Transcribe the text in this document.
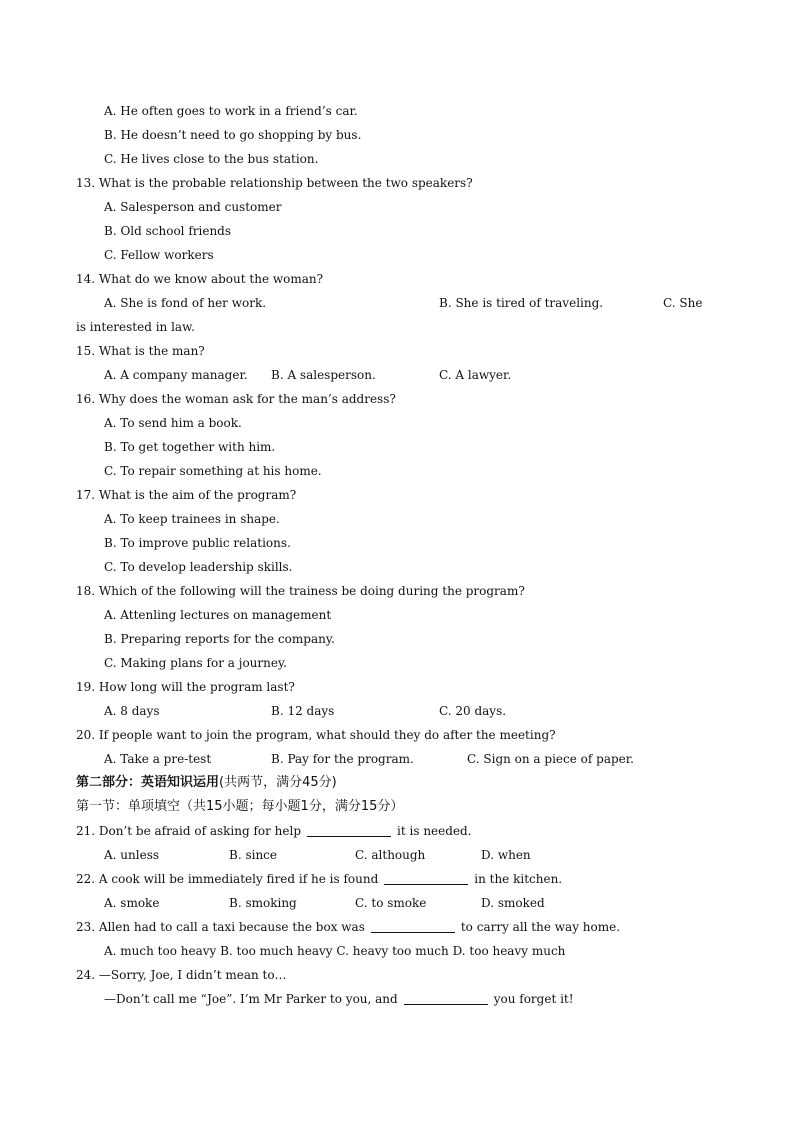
A. He often goes to work in a friend’s car.
B. He doesn’t need to go shopping by bus.
C. He lives close to the bus station.
13. What is the probable relationship between the two speakers?
A. Salesperson and customer
B. Old school friends
C. Fellow workers
14. What do we know about the woman?

A. She is fond of her work.

	B. She is tired of traveling.

	C. She

is interested in law.
15. What is the man?

A. A company manager.

B. A salesperson.

	C. A lawyer.

16. Why does the woman ask for the man’s address?
A. To send him a book.
B. To get together with him.
C. To repair something at his home.
17. What is the aim of the program?
A. To keep trainees in shape.
B. To improve public relations.
C. To develop leadership skills.
18. Which of the following will the trainess be doing during the program?
A. Attenling lectures on management
B. Preparing reports for the company.
C. Making plans for a journey.
19. How long will the program last?

A. 8 days

	B. 12 days

	C. 20 days.

20. If people want to join the program, what should they do after the meeting?

A. Take a pre-test

	B. Pay for the program.

	C. Sign on a piece of paper.

第二部分：英语知识运用(共两节，满分45分)
第一节：单项填空（共15小题；每小题1分，满分15分）
21. Don’t be afraid of asking for help	it is needed.

A. unless

	B. since

	C. although

	D. when

22. A cook will be immediately fired if he is found	in the kitchen.

A. smoke

	B. smoking

	C. to smoke

	D. smoked

23. Allen had to call a taxi because the box was	to carry all the way home.
A. much too heavy B. too much heavy C. heavy too much D. too heavy much
24. —Sorry, Joe, I didn’t mean to…
—Don’t call me “Joe”. I’m Mr Parker to you, and	you forget it!
